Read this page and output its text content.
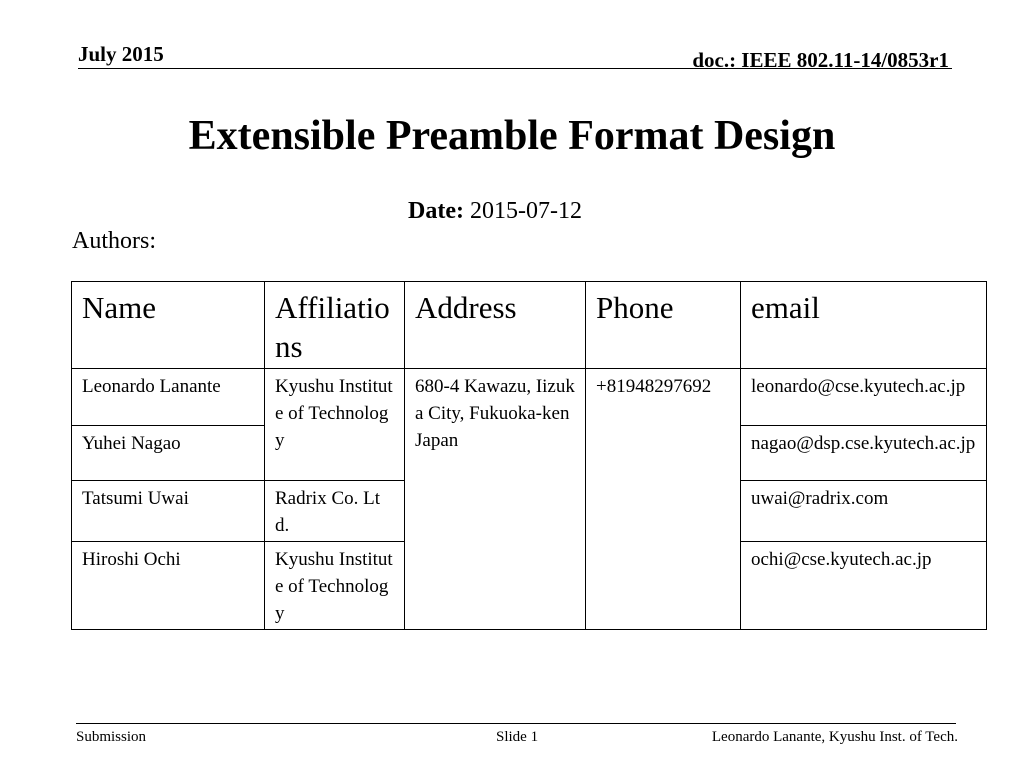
July 2015	doc.: IEEE 802.11-14/0853r1
Extensible Preamble Format Design
Date: 2015-07-12
Authors:
Name	Affiliations	Address	Phone	email
Leonardo Lanante	Kyushu Institute of Technology	680-4 Kawazu, Iizuka City, Fukuoka-ken Japan	+81948297692	leonardo@cse.kyutech.ac.jp
Yuhei Nagao				nagao@dsp.cse.kyutech.ac.jp
Tatsumi Uwai	Radrix Co. Ltd.			uwai@radrix.com
Hiroshi Ochi	Kyushu Institute of Technology			ochi@cse.kyutech.ac.jp
Submission	Slide 1	Leonardo Lanante, Kyushu Inst. of Tech.
